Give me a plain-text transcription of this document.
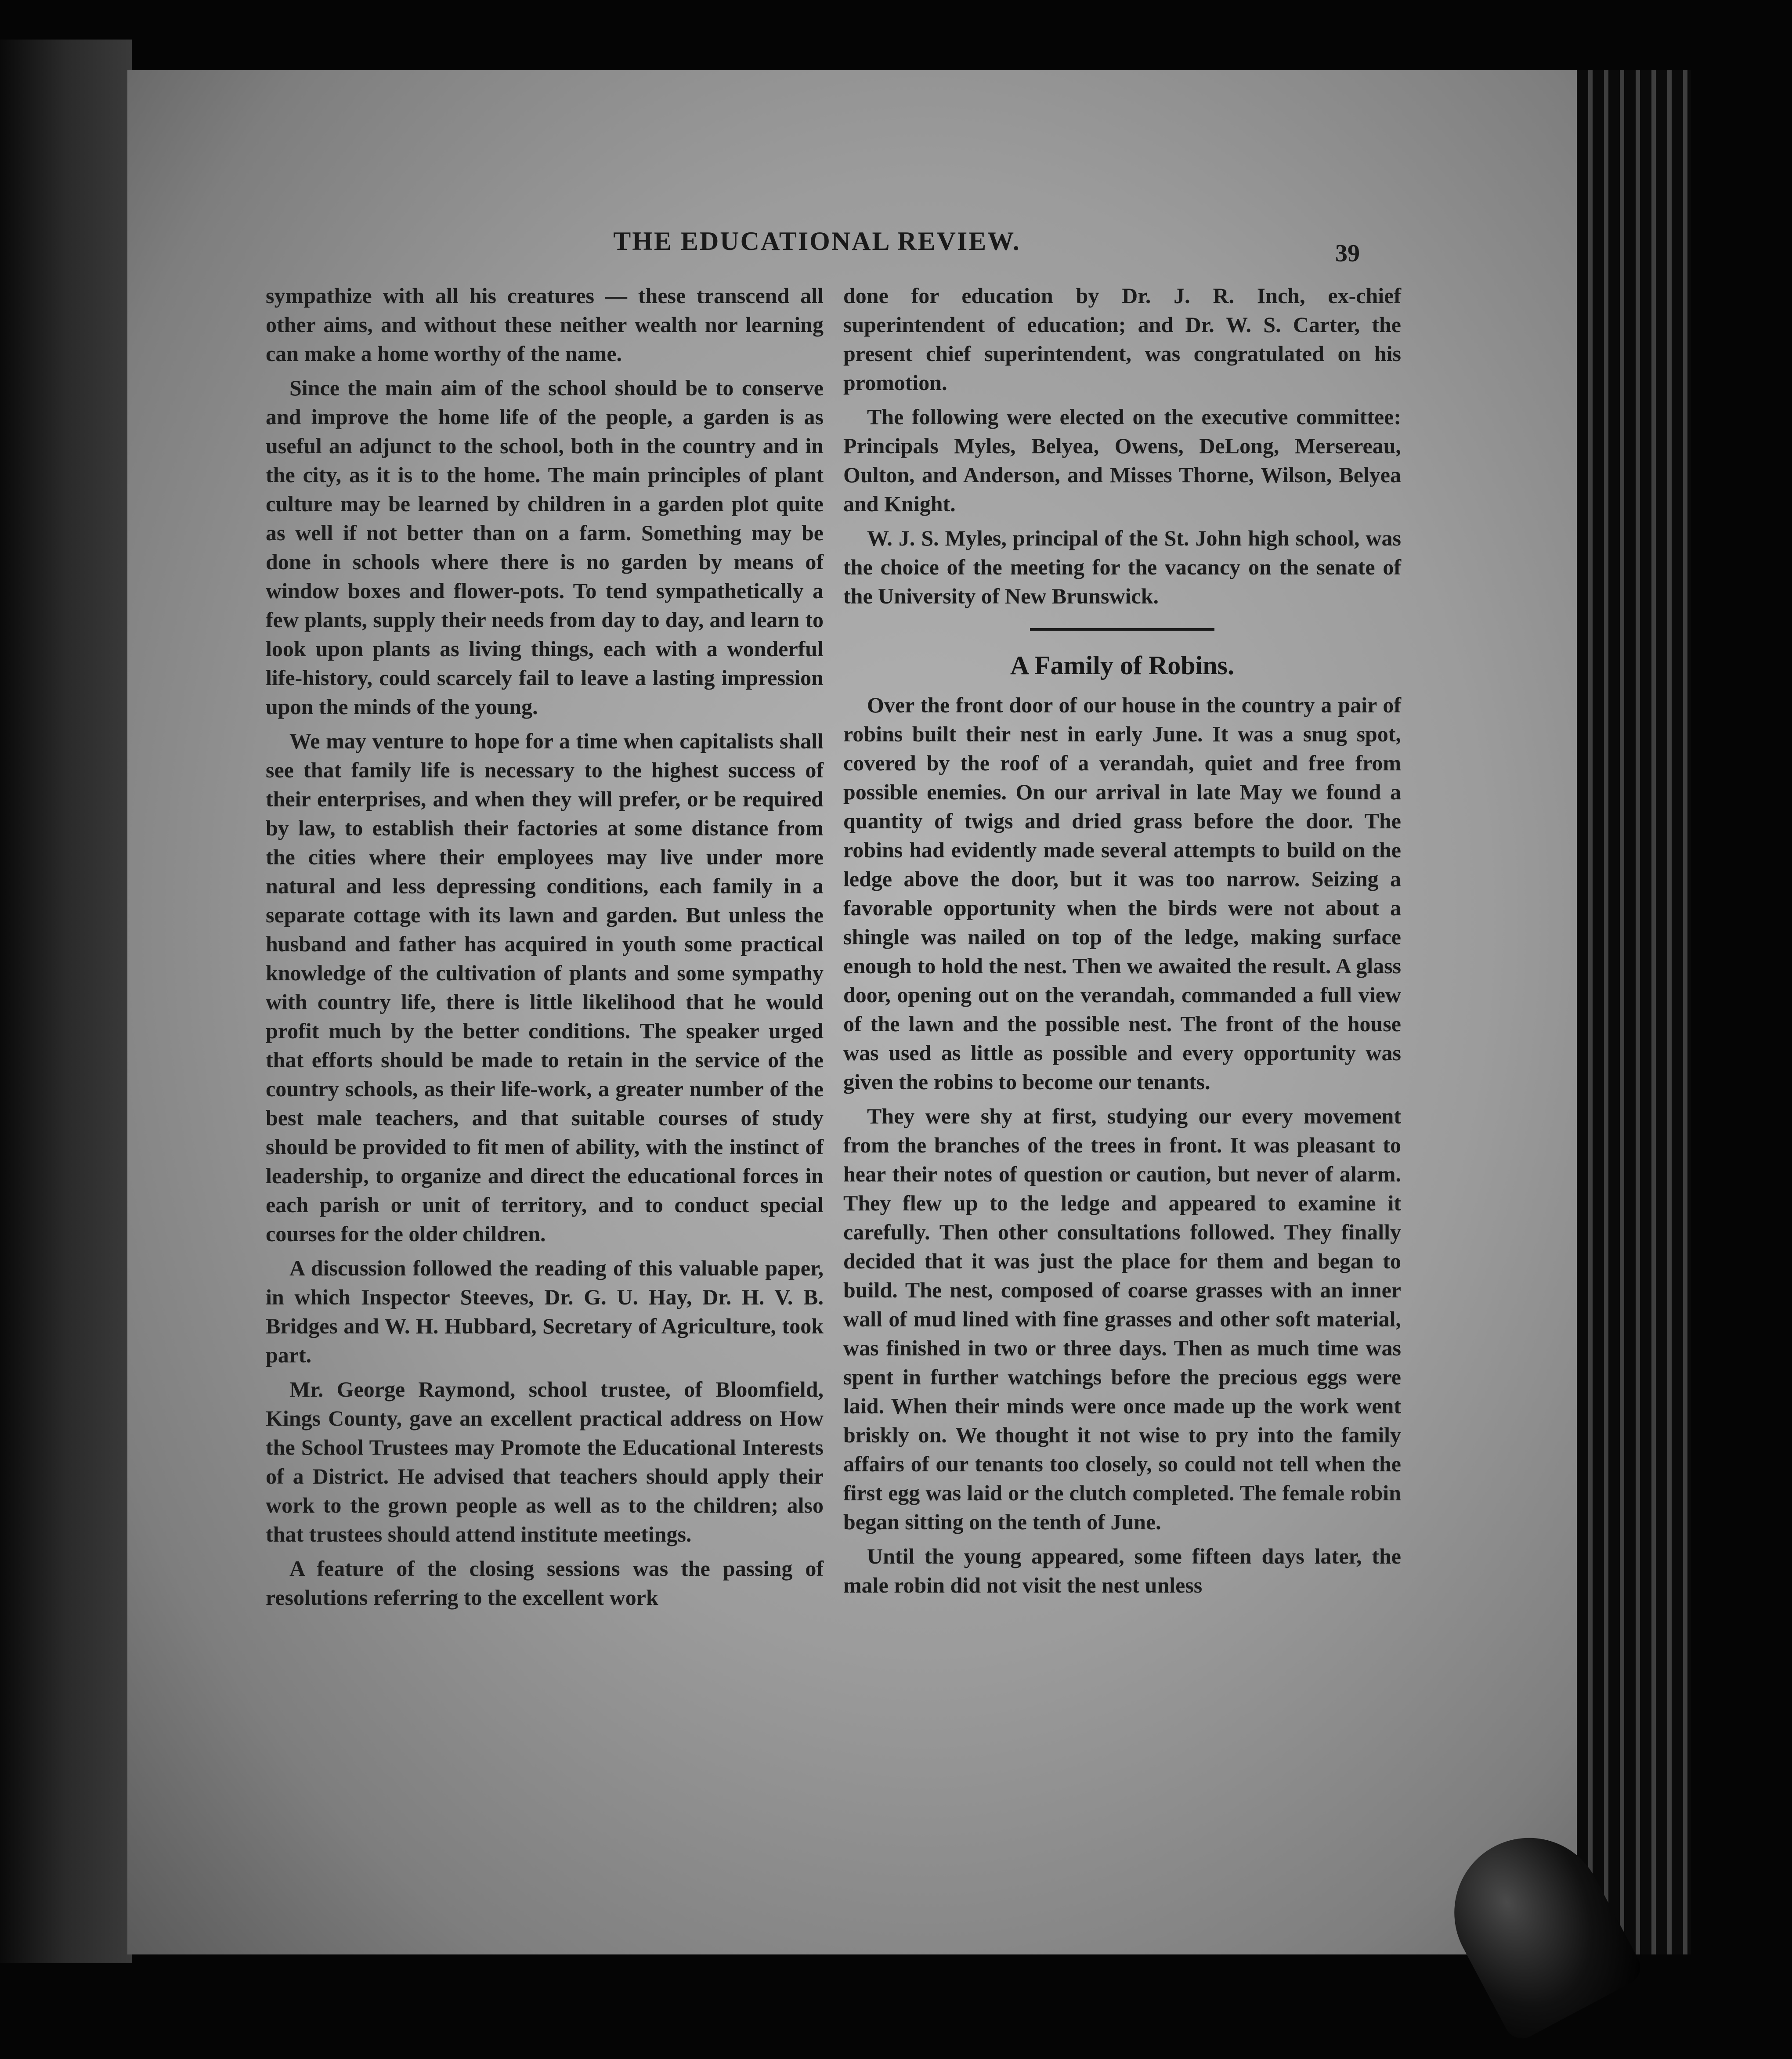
THE EDUCATIONAL REVIEW.	39

sympathize with all his creatures — these transcend all other aims, and without these neither wealth nor learning can make a home worthy of the name.

Since the main aim of the school should be to conserve and improve the home life of the people, a garden is as useful an adjunct to the school, both in the country and in the city, as it is to the home. The main principles of plant culture may be learned by children in a garden plot quite as well if not better than on a farm. Something may be done in schools where there is no garden by means of window boxes and flower-pots. To tend sympathetically a few plants, supply their needs from day to day, and learn to look upon plants as living things, each with a wonderful life-history, could scarcely fail to leave a lasting impression upon the minds of the young.

We may venture to hope for a time when capitalists shall see that family life is necessary to the highest success of their enterprises, and when they will prefer, or be required by law, to establish their factories at some distance from the cities where their employees may live under more natural and less depressing conditions, each family in a separate cottage with its lawn and garden. But unless the husband and father has acquired in youth some practical knowledge of the cultivation of plants and some sympathy with country life, there is little likelihood that he would profit much by the better conditions. The speaker urged that efforts should be made to retain in the service of the country schools, as their life-work, a greater number of the best male teachers, and that suitable courses of study should be provided to fit men of ability, with the instinct of leadership, to organize and direct the educational forces in each parish or unit of territory, and to conduct special courses for the older children.

A discussion followed the reading of this valuable paper, in which Inspector Steeves, Dr. G. U. Hay, Dr. H. V. B. Bridges and W. H. Hubbard, Secretary of Agriculture, took part.

Mr. George Raymond, school trustee, of Bloomfield, Kings County, gave an excellent practical address on How the School Trustees may Promote the Educational Interests of a District. He advised that teachers should apply their work to the grown people as well as to the children; also that trustees should attend institute meetings.

A feature of the closing sessions was the passing of resolutions referring to the excellent work

done for education by Dr. J. R. Inch, ex-chief superintendent of education; and Dr. W. S. Carter, the present chief superintendent, was congratulated on his promotion.

The following were elected on the executive committee: Principals Myles, Belyea, Owens, DeLong, Mersereau, Oulton, and Anderson, and Misses Thorne, Wilson, Belyea and Knight.

W. J. S. Myles, principal of the St. John high school, was the choice of the meeting for the vacancy on the senate of the University of New Brunswick.

A Family of Robins.

Over the front door of our house in the country a pair of robins built their nest in early June. It was a snug spot, covered by the roof of a verandah, quiet and free from possible enemies. On our arrival in late May we found a quantity of twigs and dried grass before the door. The robins had evidently made several attempts to build on the ledge above the door, but it was too narrow. Seizing a favorable opportunity when the birds were not about a shingle was nailed on top of the ledge, making surface enough to hold the nest. Then we awaited the result. A glass door, opening out on the verandah, commanded a full view of the lawn and the possible nest. The front of the house was used as little as possible and every opportunity was given the robins to become our tenants.

They were shy at first, studying our every movement from the branches of the trees in front. It was pleasant to hear their notes of question or caution, but never of alarm. They flew up to the ledge and appeared to examine it carefully. Then other consultations followed. They finally decided that it was just the place for them and began to build. The nest, composed of coarse grasses with an inner wall of mud lined with fine grasses and other soft material, was finished in two or three days. Then as much time was spent in further watchings before the precious eggs were laid. When their minds were once made up the work went briskly on. We thought it not wise to pry into the family affairs of our tenants too closely, so could not tell when the first egg was laid or the clutch completed. The female robin began sitting on the tenth of June.

Until the young appeared, some fifteen days later, the male robin did not visit the nest unless
